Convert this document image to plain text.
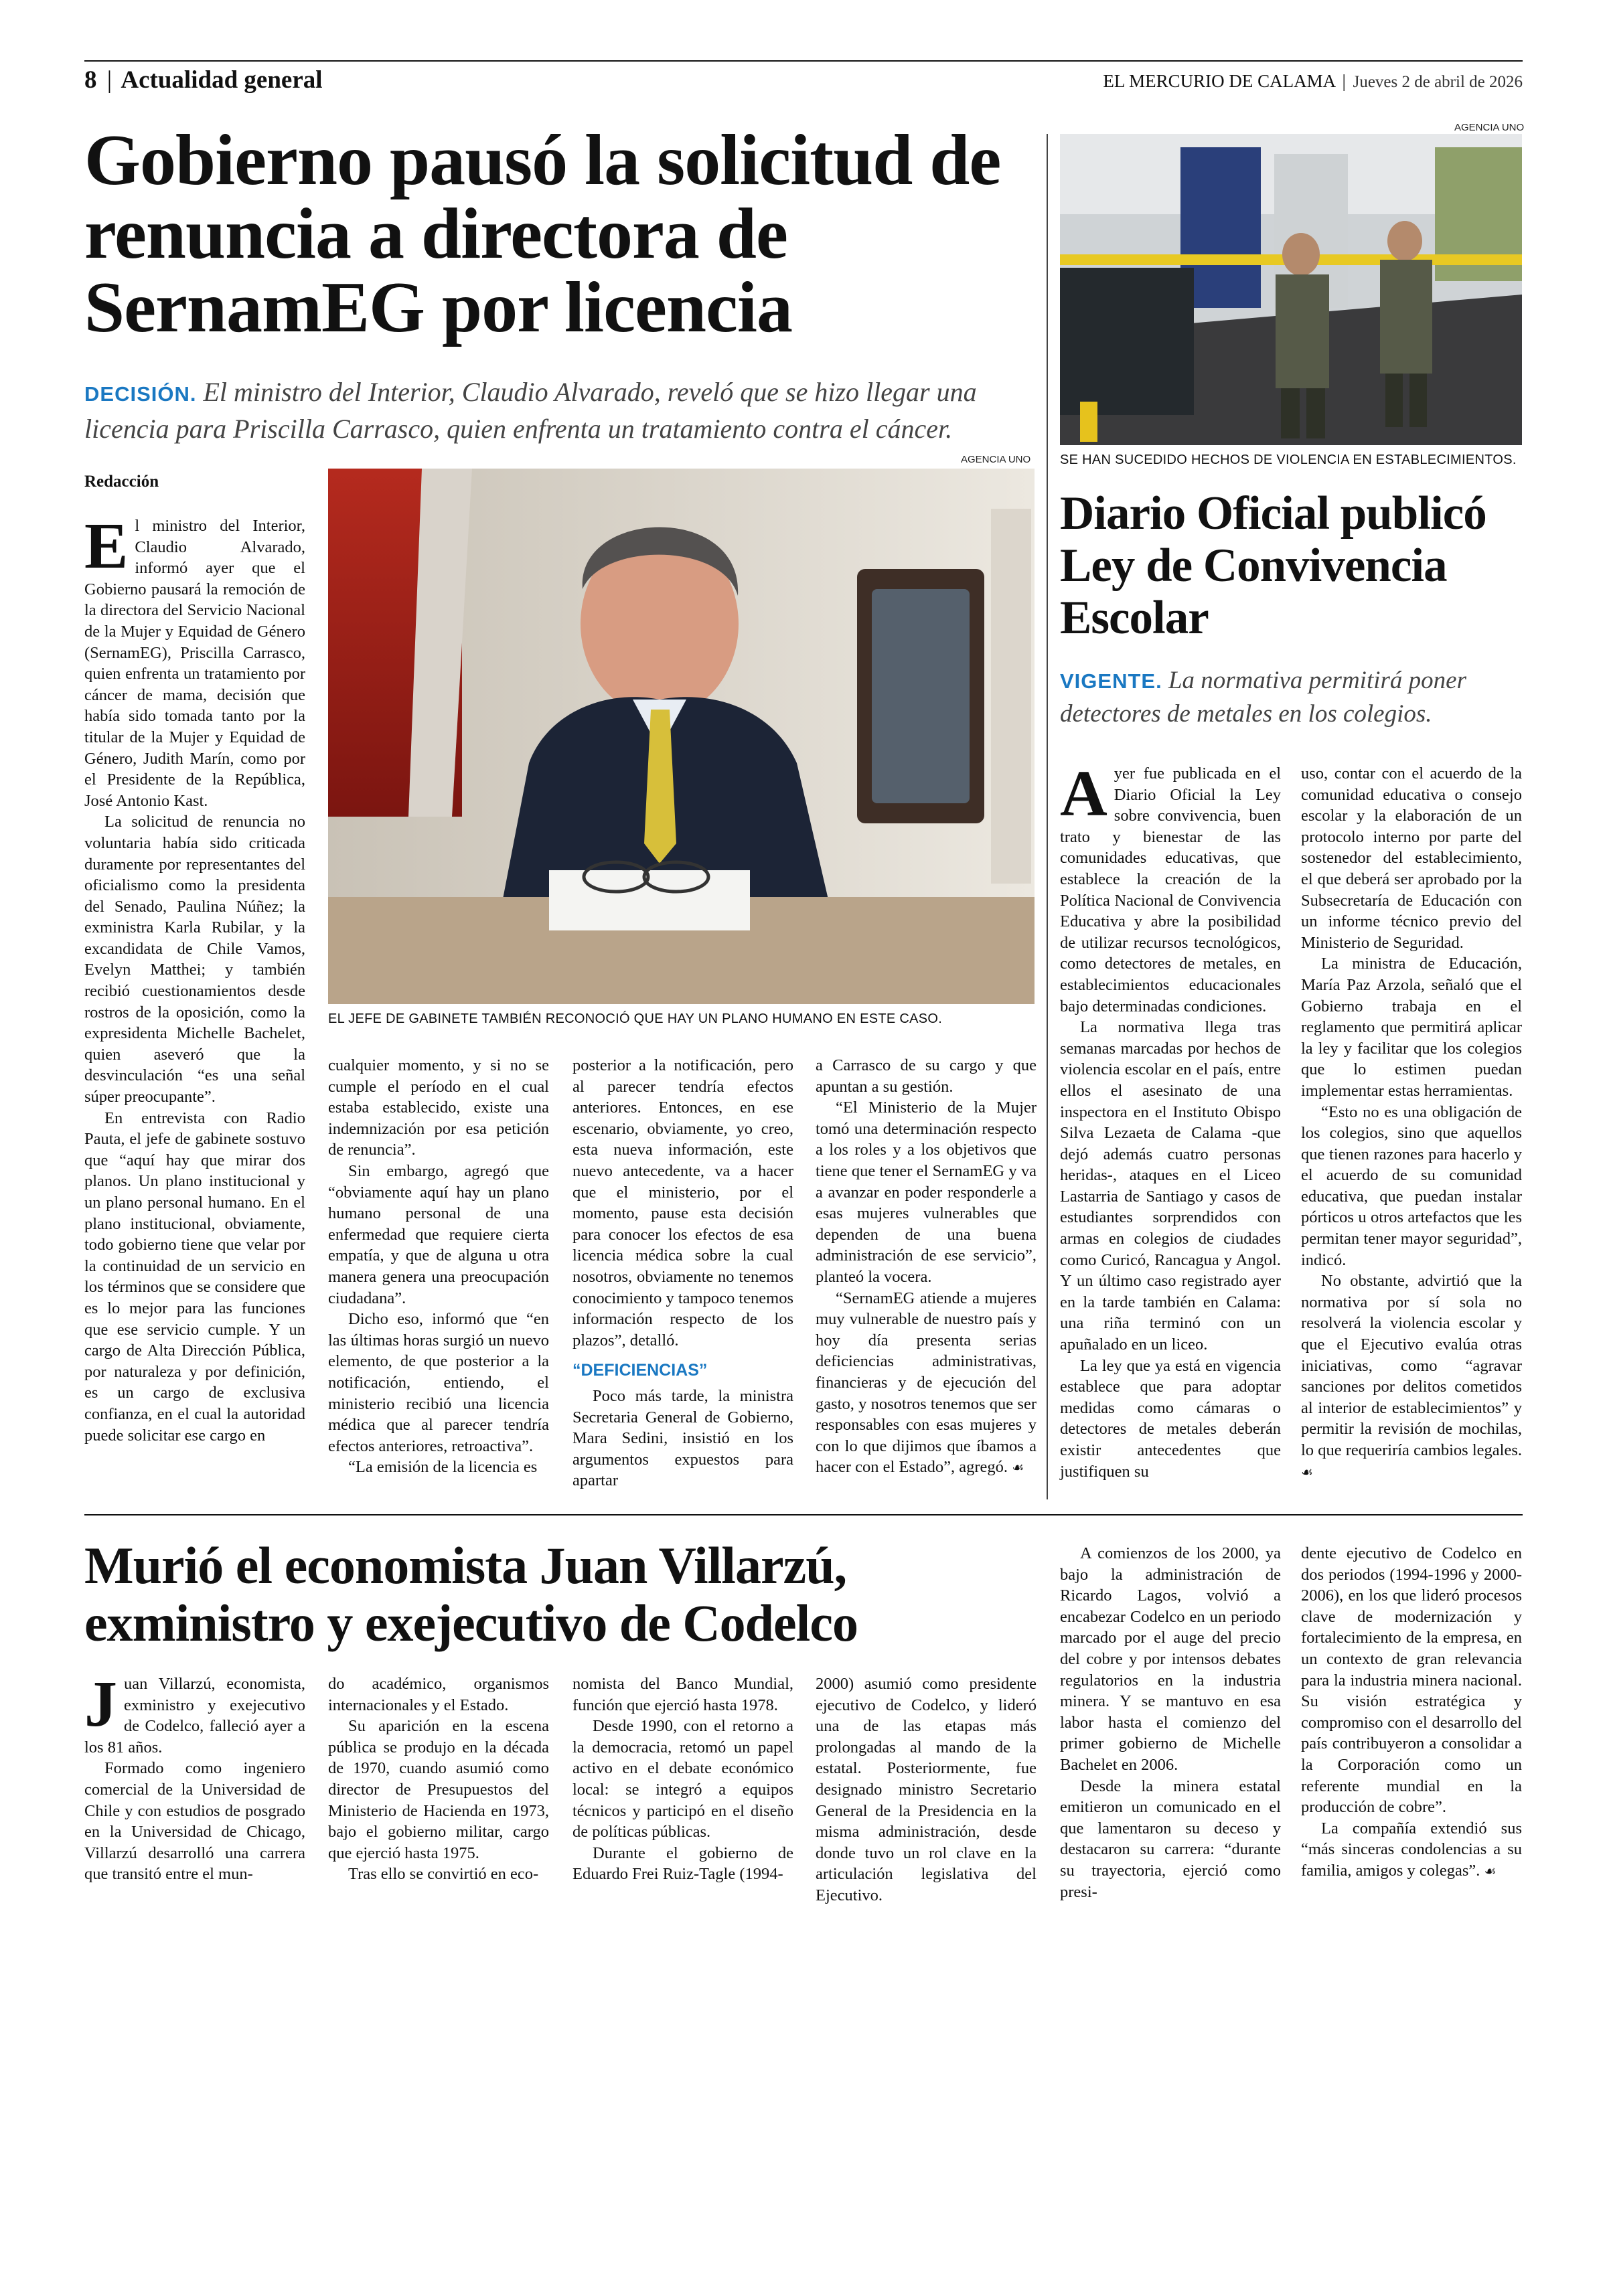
8 | Actualidad general	EL MERCURIO DE CALAMA | Jueves 2 de abril de 2026
Gobierno pausó la solicitud de renuncia a directora de SernamEG por licencia
DECISIÓN. El ministro del Interior, Claudio Alvarado, reveló que se hizo llegar una licencia para Priscilla Carrasco, quien enfrenta un tratamiento contra el cáncer.
Redacción
AGENCIA UNO
EL JEFE DE GABINETE TAMBIÉN RECONOCIÓ QUE HAY UN PLANO HUMANO EN ESTE CASO.
E l ministro del Interior, Claudio Alvarado, informó ayer que el Gobierno pausará la remoción de la directora del Servicio Nacional de la Mujer y Equidad de Género (SernamEG), Priscilla Carrasco, quien enfrenta un tratamiento por cáncer de mama, decisión que había sido tomada tanto por la titular de la Mujer y Equidad de Género, Judith Marín, como por el Presidente de la República, José Antonio Kast.

La solicitud de renuncia no voluntaria había sido criticada duramente por representantes del oficialismo como la presidenta del Senado, Paulina Núñez; la exministra Karla Rubilar, y la excandidata de Chile Vamos, Evelyn Matthei; y también recibió cuestionamientos desde rostros de la oposición, como la expresidenta Michelle Bachelet, quien aseveró que la desvinculación “es una señal súper preocupante”.

En entrevista con Radio Pauta, el jefe de gabinete sostuvo que “aquí hay que mirar dos planos. Un plano institucional y un plano personal humano. En el plano institucional, obviamente, todo gobierno tiene que velar por la continuidad de un servicio en los términos que se considere que es lo mejor para las funciones que ese servicio cumple. Y un cargo de Alta Dirección Pública, por naturaleza y por definición, es un cargo de exclusiva confianza, en el cual la autoridad puede solicitar ese cargo en

cualquier momento, y si no se cumple el período en el cual estaba establecido, existe una indemnización por esa petición de renuncia”.

Sin embargo, agregó que “obviamente aquí hay un plano humano personal de una enfermedad que requiere cierta empatía, y que de alguna u otra manera genera una preocupación ciudadana”.

Dicho eso, informó que “en las últimas horas surgió un nuevo elemento, de que posterior a la notificación, entiendo, el ministerio recibió una licencia médica que al parecer tendría efectos anteriores, retroactiva”.

“La emisión de la licencia es

posterior a la notificación, pero al parecer tendría efectos anteriores. Entonces, en ese escenario, obviamente, yo creo, esta nueva información, este nuevo antecedente, va a hacer que el ministerio, por el momento, pause esta decisión para conocer los efectos de esa licencia médica sobre la cual nosotros, obviamente no tenemos conocimiento y tampoco tenemos información respecto de los plazos”, detalló.

“DEFICIENCIAS”

Poco más tarde, la ministra Secretaria General de Gobierno, Mara Sedini, insistió en los argumentos expuestos para apartar

a Carrasco de su cargo y que apuntan a su gestión.

“El Ministerio de la Mujer tomó una determinación respecto a los roles y a los objetivos que tiene que tener el SernamEG y va a avanzar en poder responderle a esas mujeres vulnerables que dependen de una buena administración de ese servicio”, planteó la vocera.

“SernamEG atiende a mujeres muy vulnerable de nuestro país y hoy día presenta serias deficiencias administrativas, financieras y de ejecución del gasto, y nosotros tenemos que ser responsables con esas mujeres y con lo que dijimos que íbamos a hacer con el Estado”, agregó. ☙

AGENCIA UNO
SE HAN SUCEDIDO HECHOS DE VIOLENCIA EN ESTABLECIMIENTOS.
Diario Oficial publicó Ley de Convivencia Escolar
VIGENTE. La normativa permitirá poner detectores de metales en los colegios.
A yer fue publicada en el Diario Oficial la Ley sobre convivencia, buen trato y bienestar de las comunidades educativas, que establece la creación de la Política Nacional de Convivencia Educativa y abre la posibilidad de utilizar recursos tecnológicos, como detectores de metales, en establecimientos educacionales bajo determinadas condiciones.

La normativa llega tras semanas marcadas por hechos de violencia escolar en el país, entre ellos el asesinato de una inspectora en el Instituto Obispo Silva Lezaeta de Calama -que dejó además cuatro personas heridas-, ataques en el Liceo Lastarria de Santiago y casos de estudiantes sorprendidos con armas en colegios de ciudades como Curicó, Rancagua y Angol. Y un último caso registrado ayer en la tarde también en Calama: una riña terminó con un apuñalado en un liceo.

La ley que ya está en vigencia establece que para adoptar medidas como cámaras o detectores de metales deberán existir antecedentes que justifiquen su

uso, contar con el acuerdo de la comunidad educativa o consejo escolar y la elaboración de un protocolo interno por parte del sostenedor del establecimiento, el que deberá ser aprobado por la Subsecretaría de Educación con un informe técnico previo del Ministerio de Seguridad.

La ministra de Educación, María Paz Arzola, señaló que el Gobierno trabaja en el reglamento que permitirá aplicar la ley y facilitar que los colegios que lo estimen puedan implementar estas herramientas.

“Esto no es una obligación de los colegios, sino que aquellos que tienen razones para hacerlo y el acuerdo de su comunidad educativa, que puedan instalar pórticos u otros artefactos que les permitan tener mayor seguridad”, indicó.

No obstante, advirtió que la normativa por sí sola no resolverá la violencia escolar y que el Ejecutivo evalúa otras iniciativas, como “agravar sanciones por delitos cometidos al interior de establecimientos” y permitir la revisión de mochilas, lo que requeriría cambios legales. ☙

Murió el economista Juan Villarzú, exministro y exejecutivo de Codelco
J uan Villarzú, economista, exministro y exejecutivo de Codelco, falleció ayer a los 81 años.

Formado como ingeniero comercial de la Universidad de Chile y con estudios de posgrado en la Universidad de Chicago, Villarzú desarrolló una carrera que transitó entre el mun-

do académico, organismos internacionales y el Estado.

Su aparición en la escena pública se produjo en la década de 1970, cuando asumió como director de Presupuestos del Ministerio de Hacienda en 1973, bajo el gobierno militar, cargo que ejerció hasta 1975.

Tras ello se convirtió en eco-

nomista del Banco Mundial, función que ejerció hasta 1978.

Desde 1990, con el retorno a la democracia, retomó un papel activo en el debate económico local: se integró a equipos técnicos y participó en el diseño de políticas públicas.

Durante el gobierno de Eduardo Frei Ruiz-Tagle (1994-

2000) asumió como presidente ejecutivo de Codelco, y lideró una de las etapas más prolongadas al mando de la estatal. Posteriormente, fue designado ministro Secretario General de la Presidencia en la misma administración, desde donde tuvo un rol clave en la articulación legislativa del Ejecutivo.

A comienzos de los 2000, ya bajo la administración de Ricardo Lagos, volvió a encabezar Codelco en un periodo marcado por el auge del precio del cobre y por intensos debates regulatorios en la industria minera. Y se mantuvo en esa labor hasta el comienzo del primer gobierno de Michelle Bachelet en 2006.

Desde la minera estatal emitieron un comunicado en el que lamentaron su deceso y destacaron su carrera: “durante su trayectoria, ejerció como presi-

dente ejecutivo de Codelco en dos periodos (1994-1996 y 2000-2006), en los que lideró procesos clave de modernización y fortalecimiento de la empresa, en un contexto de gran relevancia para la industria minera nacional. Su visión estratégica y compromiso con el desarrollo del país contribuyeron a consolidar a la Corporación como un referente mundial en la producción de cobre”.

La compañía extendió sus “más sinceras condolencias a su familia, amigos y colegas”. ☙
